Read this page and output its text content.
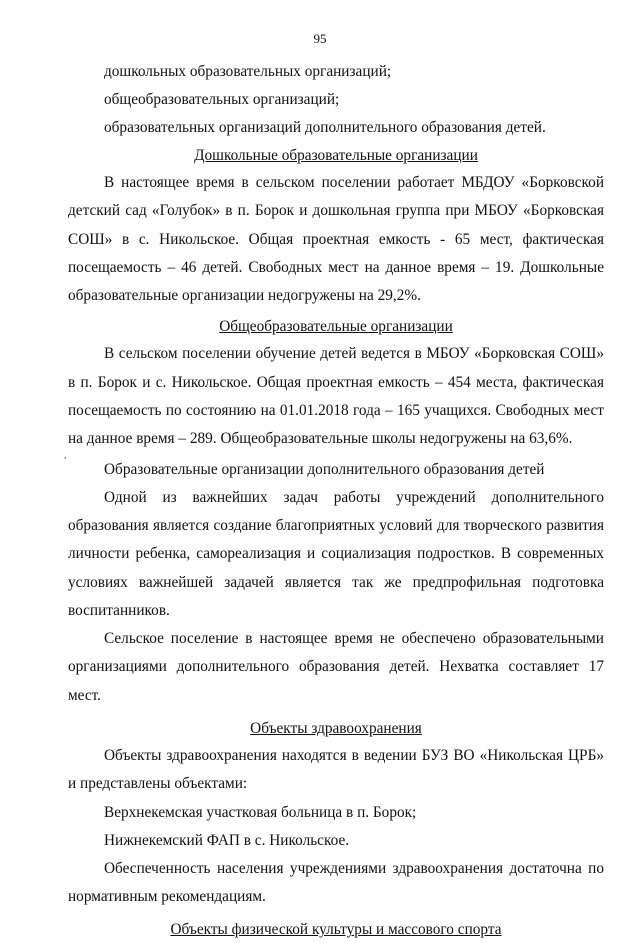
95
,

дошкольных образовательных организаций;

общеобразовательных организаций;

образовательных организаций дополнительного образования детей.

Дошкольные образовательные организации

В настоящее время в сельском поселении работает МБДОУ «Борковской детский сад «Голубок» в п. Борок и дошкольная группа при МБОУ «Борковская СОШ» в с. Никольское. Общая проектная емкость - 65 мест, фактическая посещаемость – 46 детей. Свободных мест на данное время – 19. Дошкольные образовательные организации недогружены на 29,2%.

Общеобразовательные организации

В сельском поселении обучение детей ведется в МБОУ «Борковская СОШ» в п. Борок и с. Никольское. Общая проектная емкость – 454 места, фактическая посещаемость по состоянию на 01.01.2018 года – 165 учащихся. Свободных мест на данное время – 289. Общеобразовательные школы недогружены на 63,6%.

Образовательные организации дополнительного образования детей

Одной из важнейших задач работы учреждений дополнительного образования является создание благоприятных условий для творческого развития личности ребенка, самореализация и социализация подростков. В современных условиях важнейшей задачей является так же предпрофильная подготовка воспитанников.

Сельское поселение в настоящее время не обеспечено образовательными организациями дополнительного образования детей. Нехватка составляет 17 мест.

Объекты здравоохранения

Объекты здравоохранения находятся в ведении БУЗ ВО «Никольская ЦРБ» и представлены объектами:

Верхнекемская участковая больница в п. Борок;

Нижнекемский ФАП в с. Никольское.

Обеспеченность населения учреждениями здравоохранения достаточна по нормативным рекомендациям.

Объекты физической культуры и массового спорта
